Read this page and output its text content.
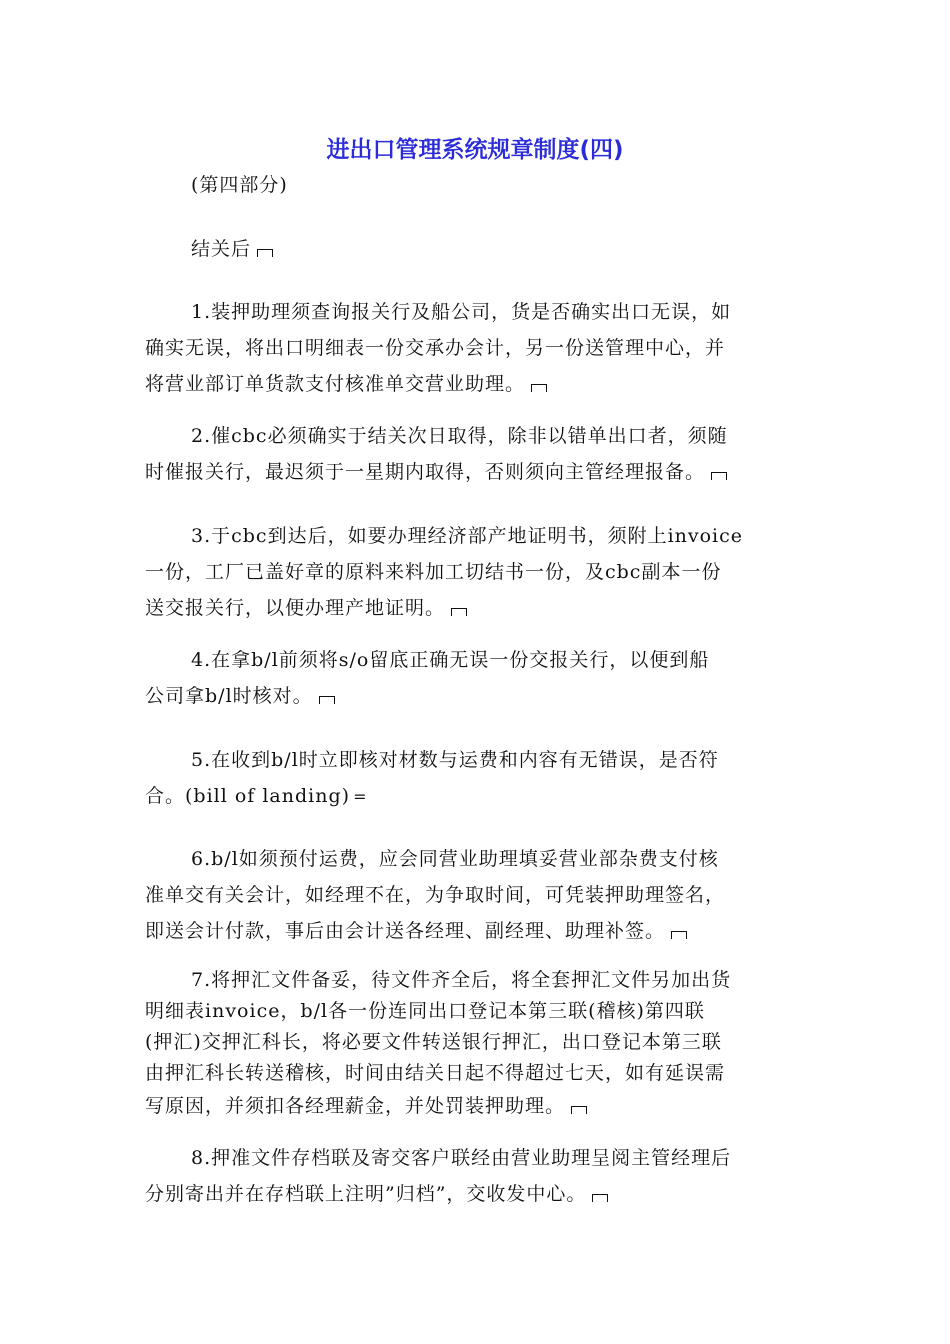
进出口管理系统规章制度(四)
(第四部分)
结关后
1.装押助理须查询报关行及船公司，货是否确实出口无误，如
确实无误，将出口明细表一份交承办会计，另一份送管理中心，并
将营业部订单货款支付核准单交营业助理。
2.催cbc必须确实于结关次日取得，除非以错单出口者，须随
时催报关行，最迟须于一星期内取得，否则须向主管经理报备。
3.于cbc到达后，如要办理经济部产地证明书，须附上invoice
一份，工厂已盖好章的原料来料加工切结书一份，及cbc副本一份
送交报关行，以便办理产地证明。
4.在拿b/l前须将s/o留底正确无误一份交报关行，以便到船
公司拿b/l时核对。
5.在收到b/l时立即核对材数与运费和内容有无错误，是否符
合。(bill of landing) =
6.b/l如须预付运费，应会同营业助理填妥营业部杂费支付核
准单交有关会计，如经理不在，为争取时间，可凭装押助理签名，
即送会计付款，事后由会计送各经理、副经理、助理补签。
7.将押汇文件备妥，待文件齐全后，将全套押汇文件另加出货
明细表invoice，b/l各一份连同出口登记本第三联(稽核)第四联
(押汇)交押汇科长，将必要文件转送银行押汇，出口登记本第三联
由押汇科长转送稽核，时间由结关日起不得超过七天，如有延误需
写原因，并须扣各经理薪金，并处罚装押助理。
8.押准文件存档联及寄交客户联经由营业助理呈阅主管经理后
分别寄出并在存档联上注明”归档”，交收发中心。
